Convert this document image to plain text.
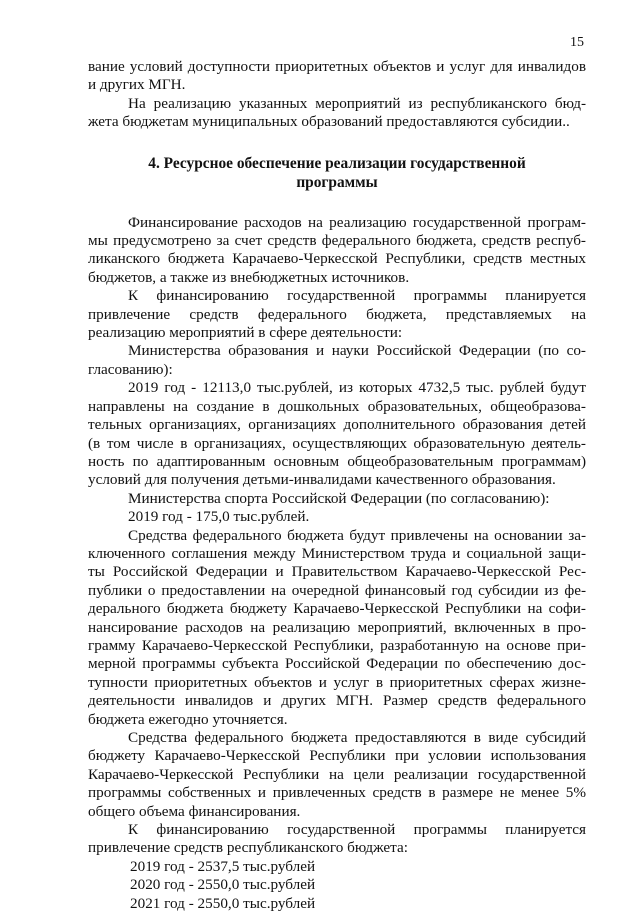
15
вание условий доступности приоритетных объектов и услуг для инвалидов
и других МГН.
На реализацию указанных мероприятий из республиканского бюд-
жета бюджетам муниципальных образований предоставляются субсидии..
4. Ресурсное обеспечение реализации государственной
программы
Финансирование расходов на реализацию государственной програм-
мы предусмотрено за счет средств федерального бюджета, средств респуб-
ликанского бюджета Карачаево-Черкесской Республики, средств местных
бюджетов, а также из внебюджетных источников.
К финансированию государственной программы планируется
привлечение средств федерального бюджета, представляемых на
реализацию мероприятий в сфере деятельности:
Министерства образования и науки Российской Федерации (по со-
гласованию):
2019 год - 12113,0 тыс.рублей, из которых 4732,5 тыс. рублей будут
направлены на создание в дошкольных образовательных, общеобразова-
тельных организациях, организациях дополнительного образования детей
(в том числе в организациях, осуществляющих образовательную деятель-
ность по адаптированным основным общеобразовательным программам)
условий для получения детьми-инвалидами качественного образования.
Министерства спорта Российской Федерации (по согласованию):
2019 год - 175,0 тыс.рублей.
Средства федерального бюджета будут привлечены на основании за-
ключенного соглашения между Министерством труда и социальной защи-
ты Российской Федерации и Правительством Карачаево-Черкесской Рес-
публики о предоставлении на очередной финансовый год субсидии из фе-
дерального бюджета бюджету Карачаево-Черкесской Республики на софи-
нансирование расходов на реализацию мероприятий, включенных в про-
грамму Карачаево-Черкесской Республики, разработанную на основе при-
мерной программы субъекта Российской Федерации по обеспечению дос-
тупности приоритетных объектов и услуг в приоритетных сферах жизне-
деятельности инвалидов и других МГН. Размер средств федерального
бюджета ежегодно уточняется.
Средства федерального бюджета предоставляются в виде субсидий
бюджету Карачаево-Черкесской Республики при условии использования
Карачаево-Черкесской Республики на цели реализации государственной
программы собственных и привлеченных средств в размере не менее 5%
общего объема финансирования.
К финансированию государственной программы планируется
привлечение средств республиканского бюджета:
2019 год - 2537,5 тыс.рублей
2020 год - 2550,0 тыс.рублей
2021 год - 2550,0 тыс.рублей
